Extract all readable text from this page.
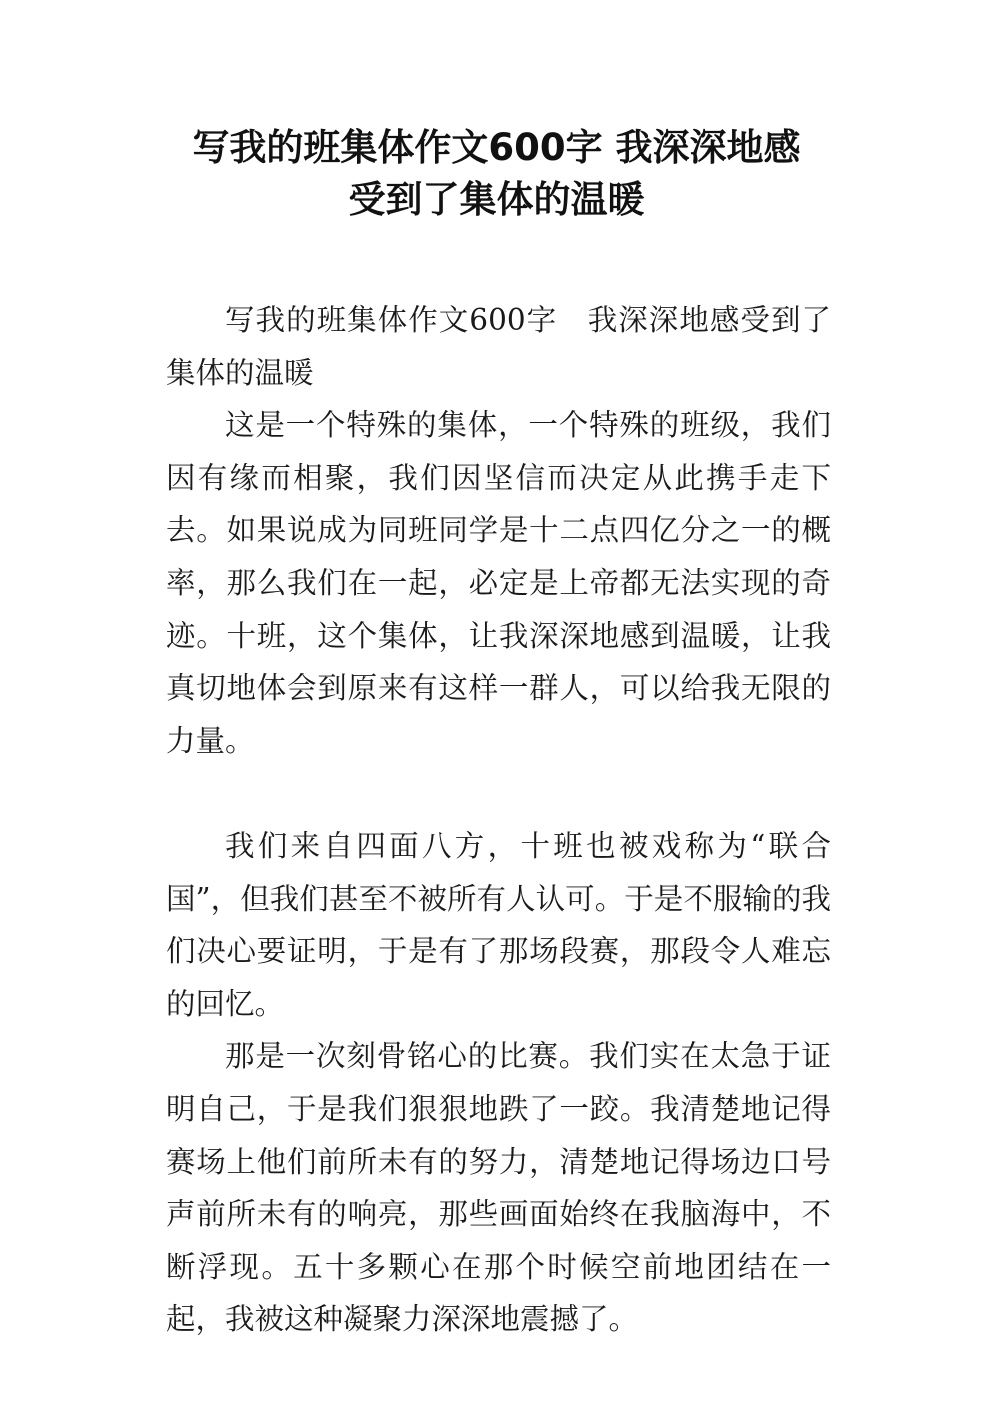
写我的班集体作文600字 我深深地感
受到了集体的温暖

写我的班集体作文600字　我深深地感受到了集体的温暖

这是一个特殊的集体，一个特殊的班级，我们因有缘而相聚，我们因坚信而决定从此携手走下去。如果说成为同班同学是十二点四亿分之一的概率，那么我们在一起，必定是上帝都无法实现的奇迹。十班，这个集体，让我深深地感到温暖，让我真切地体会到原来有这样一群人，可以给我无限的力量。

我们来自四面八方，十班也被戏称为“联合国”，但我们甚至不被所有人认可。于是不服输的我们决心要证明，于是有了那场段赛，那段令人难忘的回忆。

那是一次刻骨铭心的比赛。我们实在太急于证明自己，于是我们狠狠地跌了一跤。我清楚地记得赛场上他们前所未有的努力，清楚地记得场边口号声前所未有的响亮，那些画面始终在我脑海中，不断浮现。五十多颗心在那个时候空前地团结在一起，我被这种凝聚力深深地震撼了。
